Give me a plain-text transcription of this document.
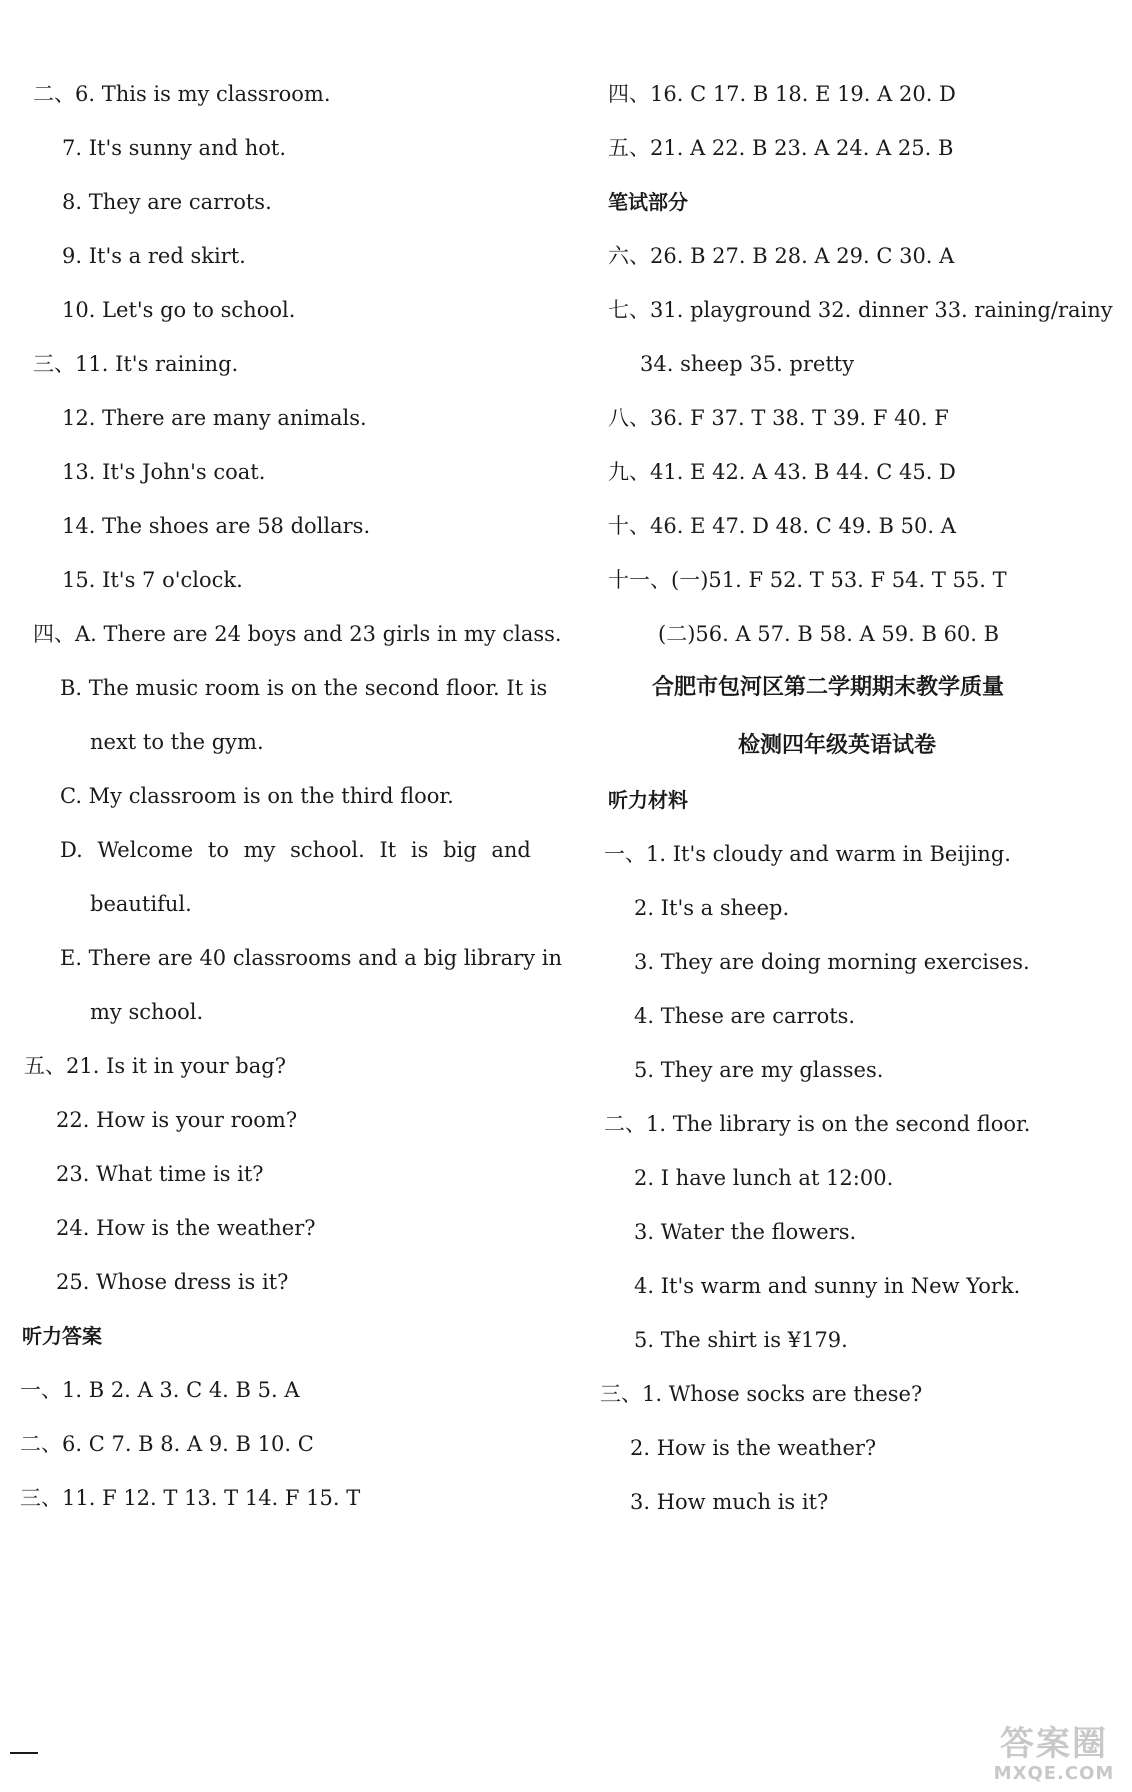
二、6. This is my classroom.
7. It's sunny and hot.
8. They are carrots.
9. It's a red skirt.
10. Let's go to school.
三、11. It's raining.
12. There are many animals.
13. It's John's coat.
14. The shoes are 58 dollars.
15. It's 7 o'clock.
四、A. There are 24 boys and 23 girls in my class.
B. The music room is on the second floor. It is
next to the gym.
C. My classroom is on the third floor.
D. Welcome to my school. It is big and
beautiful.
E. There are 40 classrooms and a big library in
my school.
五、21. Is it in your bag?
22. How is your room?
23. What time is it?
24. How is the weather?
25. Whose dress is it?
听力答案
一、1. B 2. A 3. C 4. B 5. A
二、6. C 7. B 8. A 9. B 10. C
三、11. F 12. T 13. T 14. F 15. T
四、16. C 17. B 18. E 19. A 20. D
五、21. A 22. B 23. A 24. A 25. B
笔试部分
六、26. B 27. B 28. A 29. C 30. A
七、31. playground 32. dinner 33. raining/rainy
34. sheep 35. pretty
八、36. F 37. T 38. T 39. F 40. F
九、41. E 42. A 43. B 44. C 45. D
十、46. E 47. D 48. C 49. B 50. A
十一、(一)51. F 52. T 53. F 54. T 55. T
(二)56. A 57. B 58. A 59. B 60. B
合肥市包河区第二学期期末教学质量
检测四年级英语试卷
听力材料
一、1. It's cloudy and warm in Beijing.
2. It's a sheep.
3. They are doing morning exercises.
4. These are carrots.
5. They are my glasses.
二、1. The library is on the second floor.
2. I have lunch at 12:00.
3. Water the flowers.
4. It's warm and sunny in New York.
5. The shirt is ¥179.
三、1. Whose socks are these?
2. How is the weather?
3. How much is it?
答案圈
MXQE.COM
